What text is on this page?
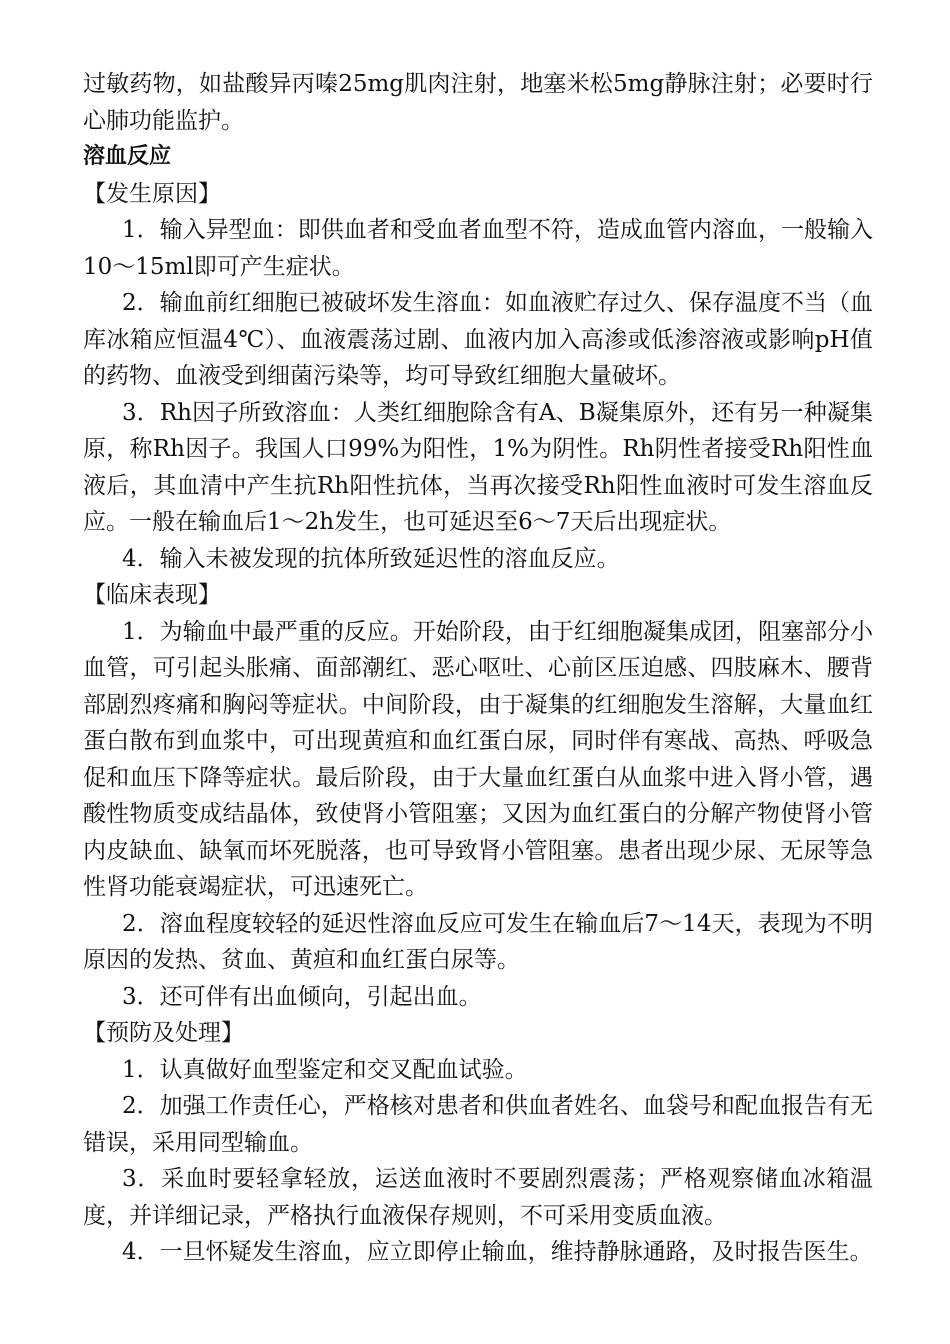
过敏药物，如盐酸异丙嗪25mg肌肉注射，地塞米松5mg静脉注射；必要时行心肺功能监护。

溶血反应

【发生原因】

1．输入异型血：即供血者和受血者血型不符，造成血管内溶血，一般输入10～15ml即可产生症状。

2．输血前红细胞已被破坏发生溶血：如血液贮存过久、保存温度不当（血库冰箱应恒温4℃）、血液震荡过剧、血液内加入高渗或低渗溶液或影响pH值的药物、血液受到细菌污染等，均可导致红细胞大量破坏。

3．Rh因子所致溶血：人类红细胞除含有A、B凝集原外，还有另一种凝集原，称Rh因子。我国人口99%为阳性，1%为阴性。Rh阴性者接受Rh阳性血液后，其血清中产生抗Rh阳性抗体，当再次接受Rh阳性血液时可发生溶血反应。一般在输血后1～2h发生，也可延迟至6～7天后出现症状。

4．输入未被发现的抗体所致延迟性的溶血反应。

【临床表现】

1．为输血中最严重的反应。开始阶段，由于红细胞凝集成团，阻塞部分小血管，可引起头胀痛、面部潮红、恶心呕吐、心前区压迫感、四肢麻木、腰背部剧烈疼痛和胸闷等症状。中间阶段，由于凝集的红细胞发生溶解，大量血红蛋白散布到血浆中，可出现黄疸和血红蛋白尿，同时伴有寒战、高热、呼吸急促和血压下降等症状。最后阶段，由于大量血红蛋白从血浆中进入肾小管，遇酸性物质变成结晶体，致使肾小管阻塞；又因为血红蛋白的分解产物使肾小管内皮缺血、缺氧而坏死脱落，也可导致肾小管阻塞。患者出现少尿、无尿等急性肾功能衰竭症状，可迅速死亡。

2．溶血程度较轻的延迟性溶血反应可发生在输血后7～14天，表现为不明原因的发热、贫血、黄疸和血红蛋白尿等。

3．还可伴有出血倾向，引起出血。

【预防及处理】

1．认真做好血型鉴定和交叉配血试验。

2．加强工作责任心，严格核对患者和供血者姓名、血袋号和配血报告有无错误，采用同型输血。

3．采血时要轻拿轻放，运送血液时不要剧烈震荡；严格观察储血冰箱温度，并详细记录，严格执行血液保存规则，不可采用变质血液。

4．一旦怀疑发生溶血，应立即停止输血，维持静脉通路，及时报告医生。
